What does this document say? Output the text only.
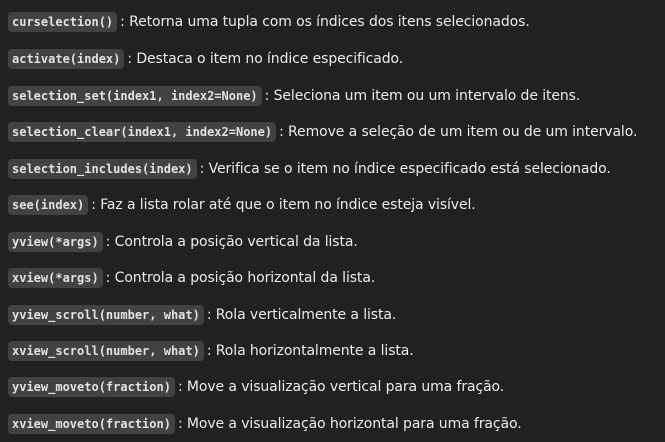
curselection() : Retorna uma tupla com os índices dos itens selecionados.
activate(index) : Destaca o item no índice especificado.
selection_set(index1, index2=None) : Seleciona um item ou um intervalo de itens.
selection_clear(index1, index2=None) : Remove a seleção de um item ou de um intervalo.
selection_includes(index) : Verifica se o item no índice especificado está selecionado.
see(index) : Faz a lista rolar até que o item no índice esteja visível.
yview(*args) : Controla a posição vertical da lista.
xview(*args) : Controla a posição horizontal da lista.
yview_scroll(number, what) : Rola verticalmente a lista.
xview_scroll(number, what) : Rola horizontalmente a lista.
yview_moveto(fraction) : Move a visualização vertical para uma fração.
xview_moveto(fraction) : Move a visualização horizontal para uma fração.
